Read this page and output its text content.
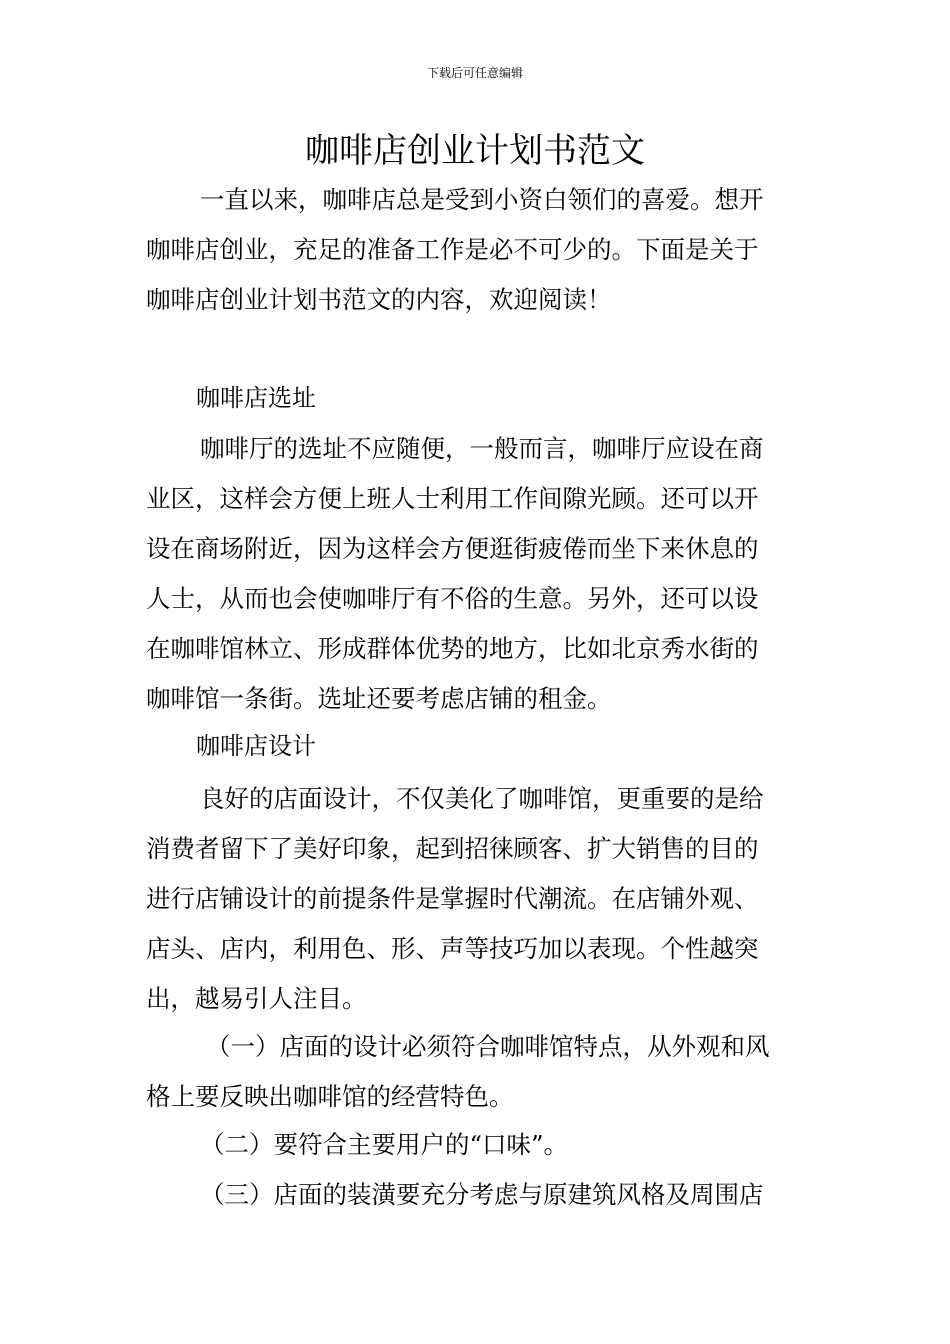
下载后可任意编辑
咖啡店创业计划书范文
一直以来，咖啡店总是受到小资白领们的喜爱。想开
咖啡店创业，充足的准备工作是必不可少的。下面是关于
咖啡店创业计划书范文的内容，欢迎阅读！
咖啡店选址
咖啡厅的选址不应随便，一般而言，咖啡厅应设在商
业区，这样会方便上班人士利用工作间隙光顾。还可以开
设在商场附近，因为这样会方便逛街疲倦而坐下来休息的
人士，从而也会使咖啡厅有不俗的生意。另外，还可以设
在咖啡馆林立、形成群体优势的地方，比如北京秀水街的
咖啡馆一条街。选址还要考虑店铺的租金。
咖啡店设计
良好的店面设计，不仅美化了咖啡馆，更重要的是给
消费者留下了美好印象，起到招徕顾客、扩大销售的目的
进行店铺设计的前提条件是掌握时代潮流。在店铺外观、
店头、店内，利用色、形、声等技巧加以表现。个性越突
出，越易引人注目。
（一）店面的设计必须符合咖啡馆特点，从外观和风
格上要反映出咖啡馆的经营特色。
（二）要符合主要用户的“口味”。
（三）店面的装潢要充分考虑与原建筑风格及周围店
